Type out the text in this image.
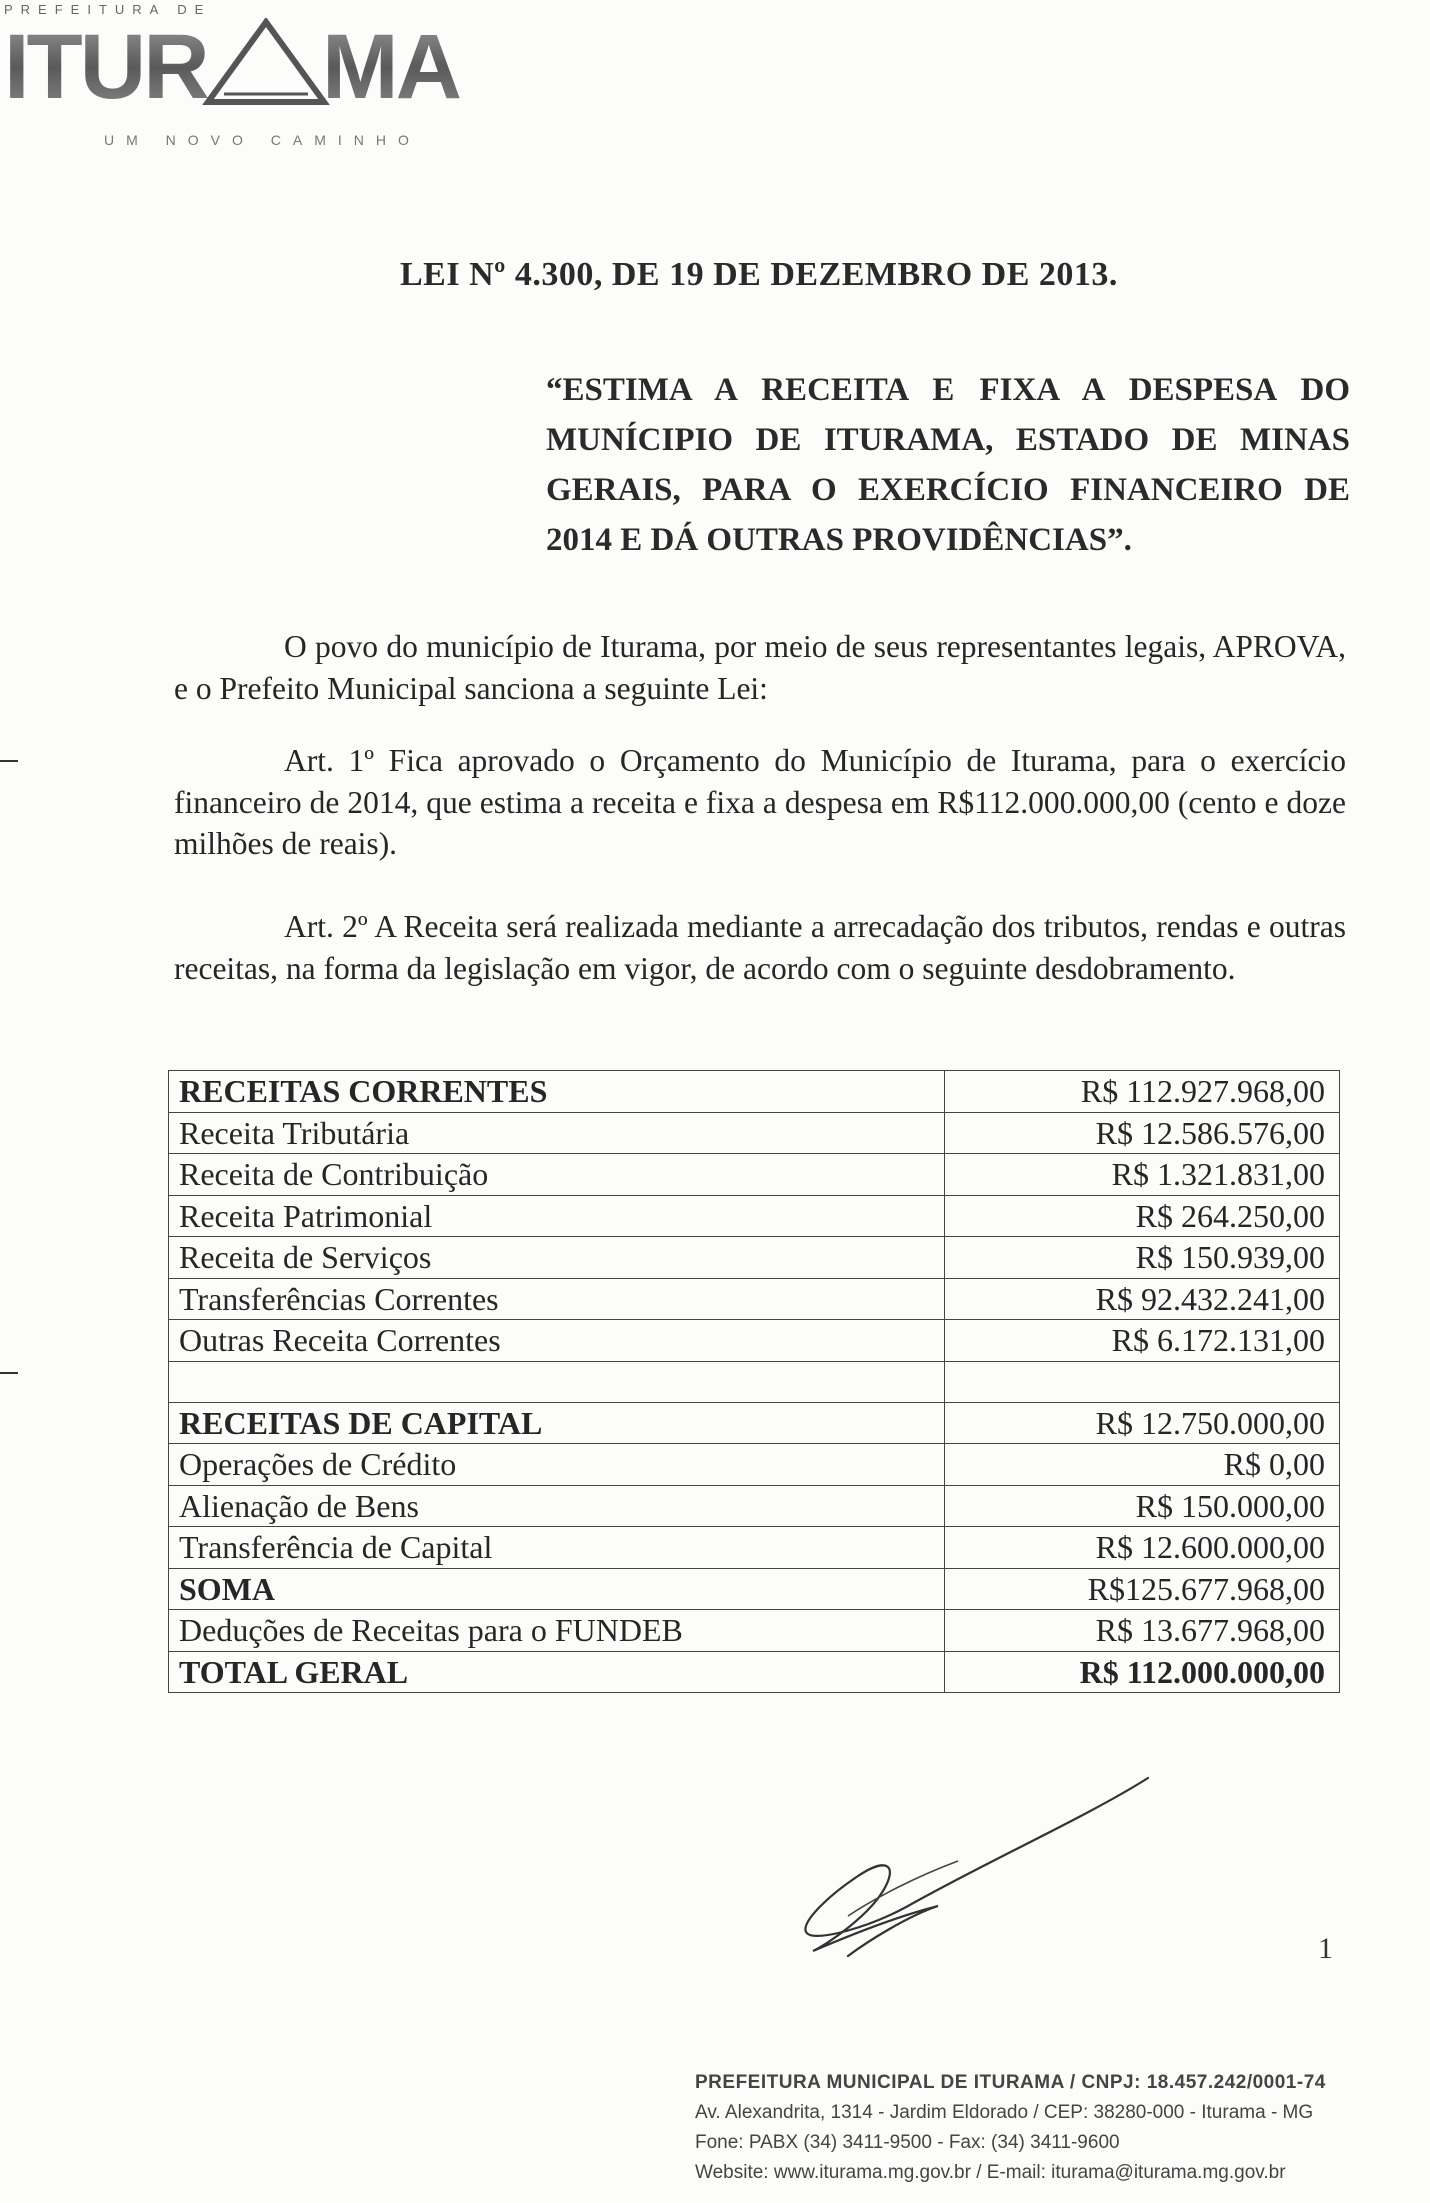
PREFEITURA DE
ITUR MA
UM NOVO CAMINHO
LEI Nº 4.300, DE 19 DE DEZEMBRO DE 2013.
“ESTIMA A RECEITA E FIXA A DESPESA DO MUNÍCIPIO DE ITURAMA, ESTADO DE MINAS GERAIS, PARA O EXERCÍCIO FINANCEIRO DE 2014 E DÁ OUTRAS PROVIDÊNCIAS”.
O povo do município de Iturama, por meio de seus representantes legais, APROVA, e o Prefeito Municipal sanciona a seguinte Lei:
Art. 1º Fica aprovado o Orçamento do Município de Iturama, para o exercício financeiro de 2014, que estima a receita e fixa a despesa em R$112.000.000,00 (cento e doze milhões de reais).
Art. 2º A Receita será realizada mediante a arrecadação dos tributos, rendas e outras receitas, na forma da legislação em vigor, de acordo com o seguinte desdobramento.
RECEITAS CORRENTES	R$ 112.927.968,00
Receita Tributária	R$ 12.586.576,00
Receita de Contribuição	R$ 1.321.831,00
Receita Patrimonial	R$ 264.250,00
Receita de Serviços	R$ 150.939,00
Transferências Correntes	R$ 92.432.241,00
Outras Receita Correntes	R$ 6.172.131,00

RECEITAS DE CAPITAL	R$ 12.750.000,00
Operações de Crédito	R$ 0,00
Alienação de Bens	R$ 150.000,00
Transferência de Capital	R$ 12.600.000,00
SOMA	R$125.677.968,00
Deduções de Receitas para o FUNDEB	R$ 13.677.968,00
TOTAL GERAL	R$ 112.000.000,00
1
PREFEITURA MUNICIPAL DE ITURAMA / CNPJ: 18.457.242/0001-74
Av. Alexandrita, 1314 - Jardim Eldorado / CEP: 38280-000 - Iturama - MG
Fone: PABX (34) 3411-9500 - Fax: (34) 3411-9600
Website: www.iturama.mg.gov.br / E-mail: iturama@iturama.mg.gov.br
